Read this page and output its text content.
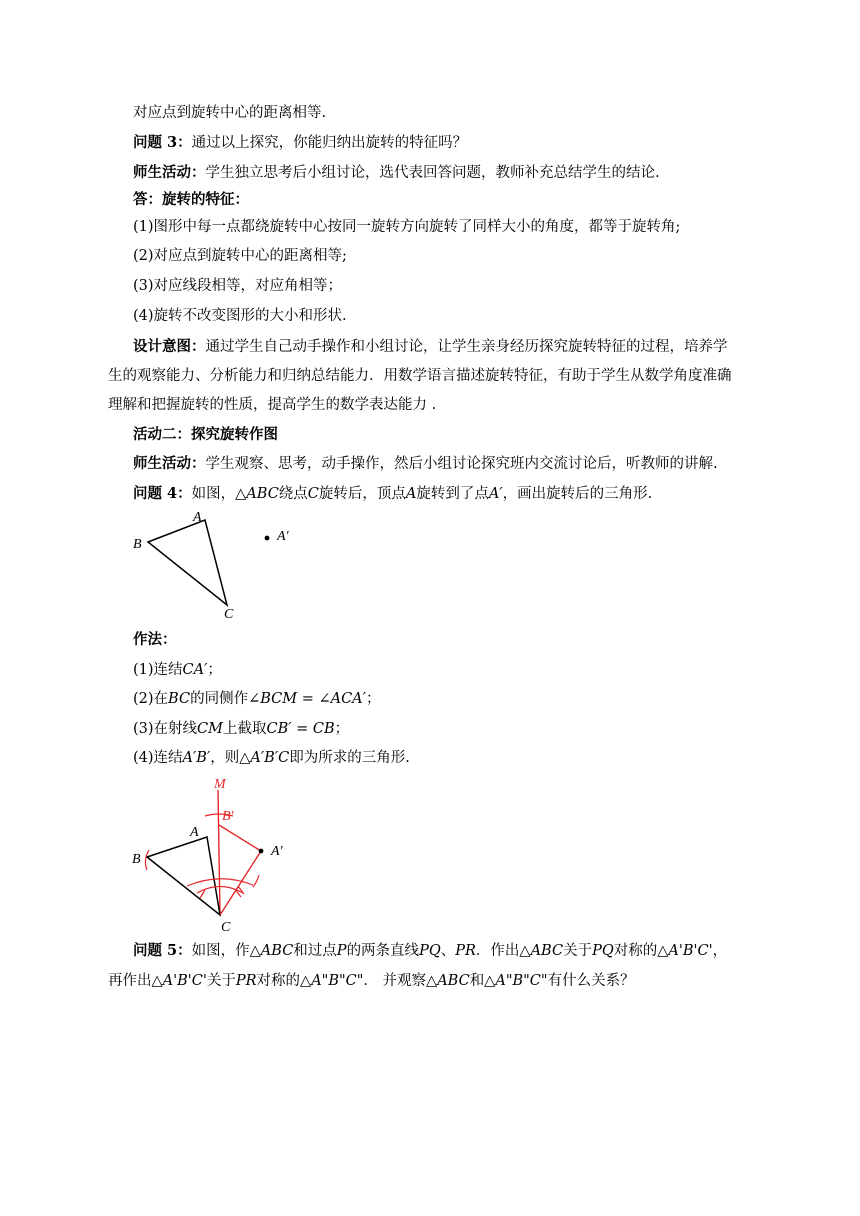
对应点到旋转中心的距离相等.
问题 3：通过以上探究，你能归纳出旋转的特征吗？
师生活动：学生独立思考后小组讨论，选代表回答问题，教师补充总结学生的结论.
答：旋转的特征：
(1)图形中每一点都绕旋转中心按同一旋转方向旋转了同样大小的角度，都等于旋转角;
(2)对应点到旋转中心的距离相等;
(3)对应线段相等，对应角相等；
(4)旋转不改变图形的大小和形状.
设计意图：通过学生自己动手操作和小组讨论，让学生亲身经历探究旋转特征的过程，培养学
生的观察能力、分析能力和归纳总结能力．用数学语言描述旋转特征，有助于学生从数学角度准确
理解和把握旋转的性质，提高学生的数学表达能力 .
活动二：探究旋转作图
师生活动：学生观察、思考，动手操作，然后小组讨论探究班内交流讨论后，听教师的讲解.
问题 4：如图，△ABC绕点C旋转后，顶点A旋转到了点A′，画出旋转后的三角形.
A
B
C
A′
作法：
(1)连结CA′；
(2)在BC的同侧作∠BCM = ∠ACA′；
(3)在射线CM上截取CB′ = CB；
(4)连结A′B′，则△A′B′C即为所求的三角形.
M
B′
A
B
C
A′
问题 5：如图，作△ABC和过点P的两条直线PQ、PR．作出△ABC关于PQ对称的△A'B'C'，
再作出△A'B'C'关于PR对称的△A"B"C"． 并观察△ABC和△A"B"C"有什么关系？
